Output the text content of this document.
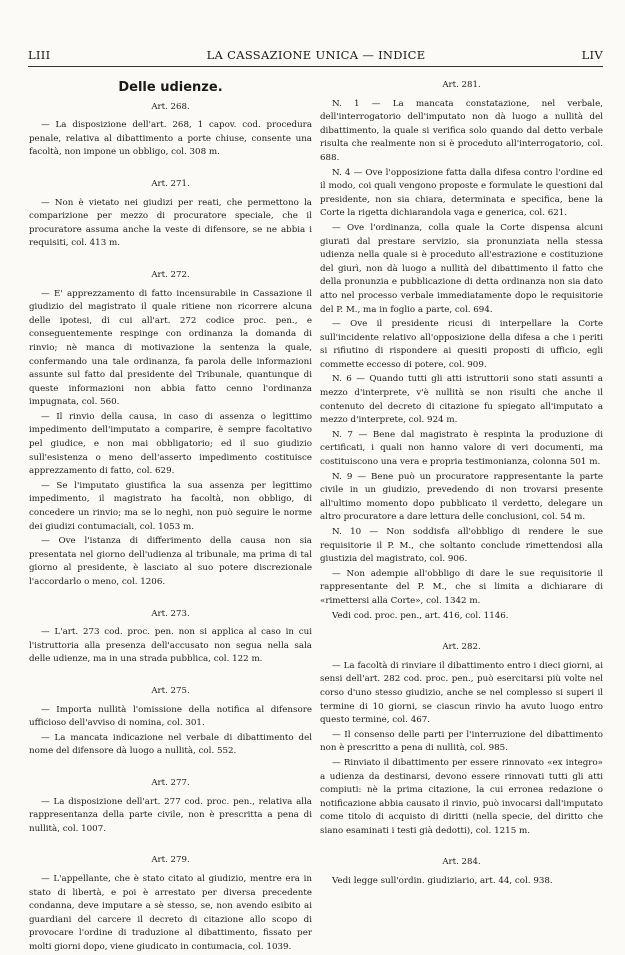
LIII	LA CASSAZIONE UNICA — INDICE	LIV
Delle udienze.
Art. 268.

— La disposizione dell'art. 268, 1 capov. cod. procedura penale, relativa al dibattimento a porte chiuse, consente una facoltà, non impone un obbligo, col. 308 m.

Art. 271.

— Non è vietato nei giudizi per reati, che permettono la comparizione per mezzo di procuratore speciale, che il procuratore assuma anche la veste di difensore, se ne abbia i requisiti, col. 413 m.

Art. 272.

— E' apprezzamento di fatto incensurabile in Cassazione il giudizio del magistrato il quale ritiene non ricorrere alcuna delle ipotesi, di cui all'art. 272 codice proc. pen., e conseguentemente respinge con ordinanza la domanda di rinvio; nè manca di motivazione la sentenza la quale, confermando una tale ordinanza, fa parola delle informazioni assunte sul fatto dal presidente del Tribunale, quantunque di queste informazioni non abbia fatto cenno l'ordinanza impugnata, col. 560.

— Il rinvio della causa, in caso di assenza o legittimo impedimento dell'imputato a comparire, è sempre facoltativo pel giudice, e non mai obbligatorio; ed il suo giudizio sull'esistenza o meno dell'asserto impedimento costituisce apprezzamento di fatto, col. 629.

— Se l'imputato giustifica la sua assenza per legittimo impedimento, il magistrato ha facoltà, non obbligo, di concedere un rinvio; ma se lo neghi, non può seguire le norme dei giudizi contumaciali, col. 1053 m.

— Ove l'istanza di differimento della causa non sia presentata nel giorno dell'udienza al tribunale, ma prima di tal giorno al presidente, è lasciato al suo potere discrezionale l'accordarlo o meno, col. 1206.

Art. 273.

— L'art. 273 cod. proc. pen. non si applica al caso in cui l'istruttoria alla presenza dell'accusato non segua nella sala delle udienze, ma in una strada pubblica, col. 122 m.

Art. 275.

— Importa nullità l'omissione della notifica al difensore ufficioso dell'avviso di nomina, col. 301.

— La mancata indicazione nel verbale di dibattimento del nome del difensore dà luogo a nullità, col. 552.

Art. 277.

— La disposizione dell'art. 277 cod. proc. pen., relativa alla rappresentanza della parte civile, non è prescritta a pena di nullità, col. 1007.

Art. 279.

— L'appellante, che è stato citato al giudizio, mentre era in stato di libertà, e poi è arrestato per diversa precedente condanna, deve imputare a sè stesso, se, non avendo esibito ai guardiani del carcere il decreto di citazione allo scopo di provocare l'ordine di traduzione al dibattimento, fissato per molti giorni dopo, viene giudicato in contumacia, col. 1039.

Art. 281.

N. 1 — La mancata constatazione, nel verbale, dell'interrogatorio dell'imputato non dà luogo a nullità del dibattimento, la quale si verifica solo quando dal detto verbale risulta che realmente non si è proceduto all'interrogatorio, col. 688.

N. 4 — Ove l'opposizione fatta dalla difesa contro l'ordine ed il modo, coi quali vengono proposte e formulate le questioni dal presidente, non sia chiara, determinata e specifica, bene la Corte la rigetta dichiarandola vaga e generica, col. 621.

— Ove l'ordinanza, colla quale la Corte dispensa alcuni giurati dal prestare servizio, sia pronunziata nella stessa udienza nella quale si è proceduto all'estrazione e costituzione del giurì, non dà luogo a nullità del dibattimento il fatto che della pronunzia e pubblicazione di detta ordinanza non sia dato atto nel processo verbale immediatamente dopo le requisitorie del P. M., ma in foglio a parte, col. 694.

— Ove il presidente ricusi di interpellare la Corte sull'incidente relativo all'opposizione della difesa a che i periti si rifiutino di rispondere ai quesiti proposti di ufficio, egli commette eccesso di potere, col. 909.

N. 6 — Quando tutti gli atti istruttorii sono stati assunti a mezzo d'interprete, v'è nullità se non risulti che anche il contenuto del decreto di citazione fu spiegato all'imputato a mezzo d'interprete, col. 924 m.

N. 7 — Bene dal magistrato è respinta la produzione di certificati, i quali non hanno valore di veri documenti, ma costituiscono una vera e propria testimonianza, colonna 501 m.

N. 9 — Bene può un procuratore rappresentante la parte civile in un giudizio, prevedendo di non trovarsi presente all'ultimo momento dopo pubblicato il verdetto, delegare un altro procuratore a dare lettura delle conclusioni, col. 54 m.

N. 10 — Non soddisfa all'obbligo di rendere le sue requisitorie il P. M., che soltanto conclude rimettendosi alla giustizia del magistrato, col. 906.

— Non adempie all'obbligo di dare le sue requisitorie il rappresentante del P. M., che si limita a dichiarare di «rimettersi alla Corte», col. 1342 m.

Vedi cod. proc. pen., art. 416, col. 1146.

Art. 282.

— La facoltà di rinviare il dibattimento entro i dieci giorni, ai sensi dell'art. 282 cod. proc. pen., può esercitarsi più volte nel corso d'uno stesso giudizio, anche se nel complesso si superi il termine di 10 giorni, se ciascun rinvio ha avuto luogo entro questo termine, col. 467.

— Il consenso delle parti per l'interruzione del dibattimento non è prescritto a pena di nullità, col. 985.

— Rinviato il dibattimento per essere rinnovato «ex integro» a udienza da destinarsi, devono essere rinnovati tutti gli atti compiuti: nè la prima citazione, la cui erronea redazione o notificazione abbia causato il rinvio, può invocarsi dall'imputato come titolo di acquisto di diritti (nella specie, del diritto che siano esaminati i testi già dedotti), col. 1215 m.

Art. 284.

Vedi legge sull'ordin. giudiziario, art. 44, col. 938.
